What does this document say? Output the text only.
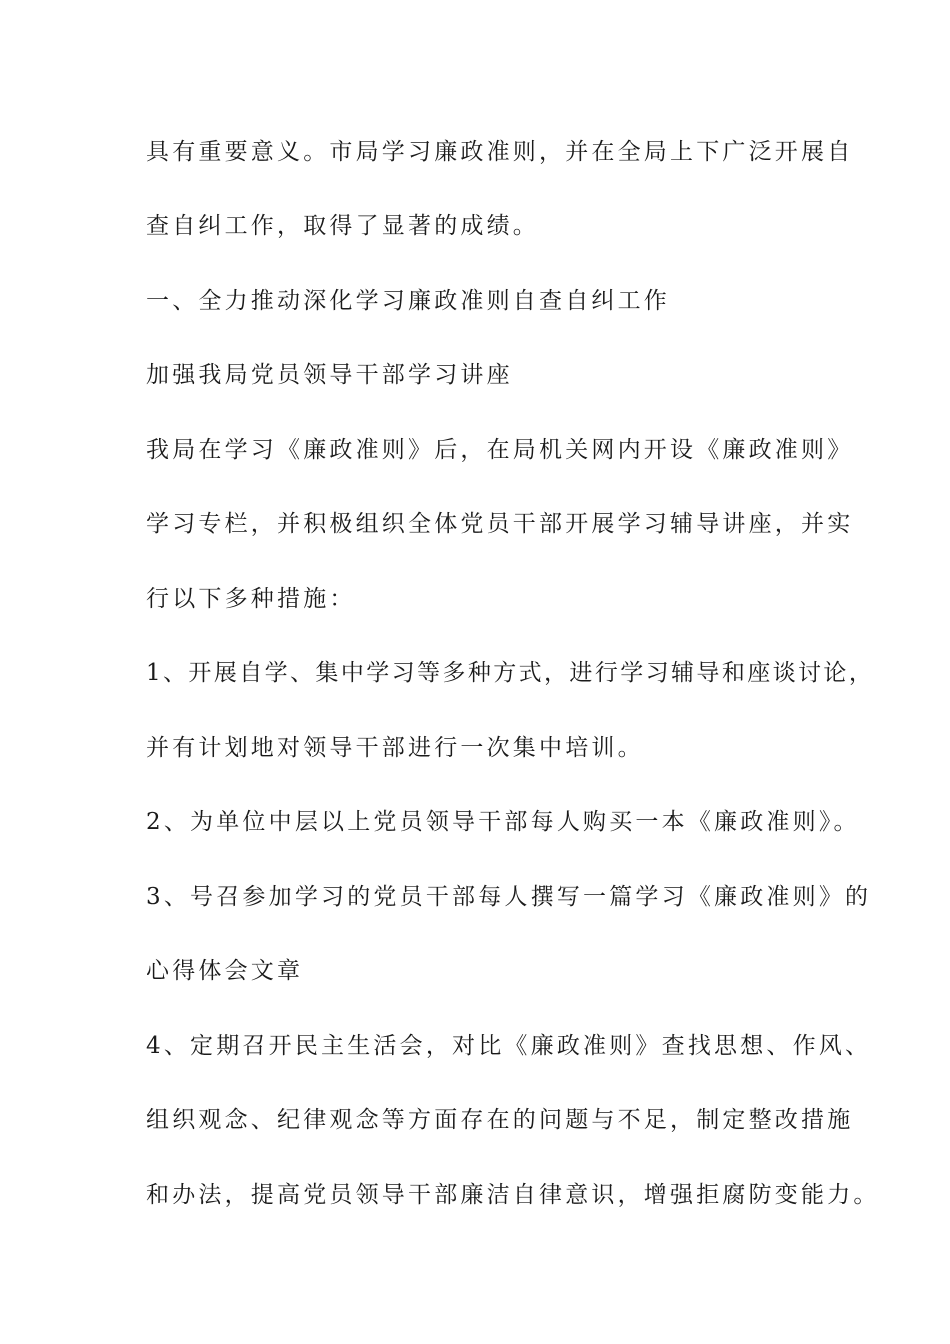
具有重要意义。市局学习廉政准则，并在全局上下广泛开展自
查自纠工作，取得了显著的成绩。
一、全力推动深化学习廉政准则自查自纠工作
加强我局党员领导干部学习讲座
我局在学习《廉政准则》后，在局机关网内开设《廉政准则》
学习专栏，并积极组织全体党员干部开展学习辅导讲座，并实
行以下多种措施：
1、开展自学、集中学习等多种方式，进行学习辅导和座谈讨论，
并有计划地对领导干部进行一次集中培训。
2、为单位中层以上党员领导干部每人购买一本《廉政准则》。
3、号召参加学习的党员干部每人撰写一篇学习《廉政准则》的
心得体会文章
4、定期召开民主生活会，对比《廉政准则》查找思想、作风、
组织观念、纪律观念等方面存在的问题与不足，制定整改措施
和办法，提高党员领导干部廉洁自律意识，增强拒腐防变能力。
